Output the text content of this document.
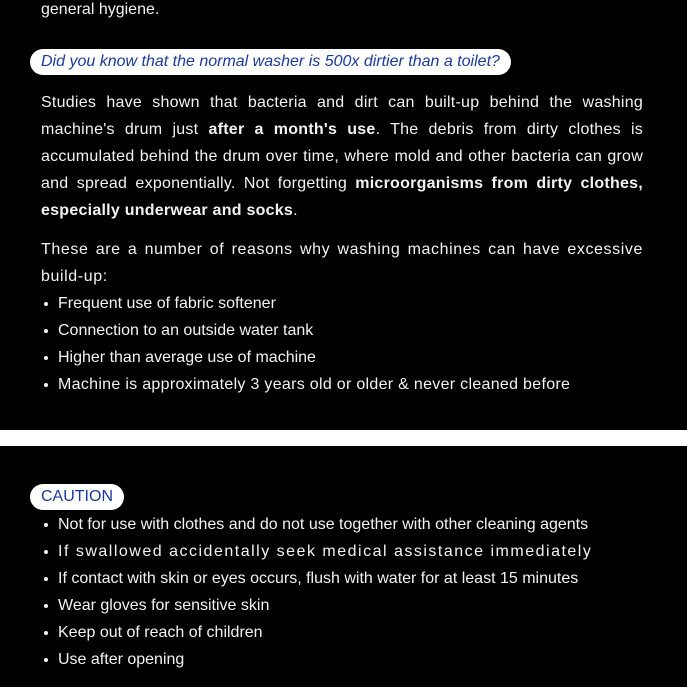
general hygiene.
Did you know that the normal washer is 500x dirtier than a toilet?
Studies have shown that bacteria and dirt can built-up behind the washing machine's drum just after a month's use. The debris from dirty clothes is accumulated behind the drum over time, where mold and other bacteria can grow and spread exponentially. Not forgetting microorganisms from dirty clothes, especially underwear and socks.
These are a number of reasons why washing machines can have excessive build-up:
Frequent use of fabric softener
Connection to an outside water tank
Higher than average use of machine
Machine is approximately 3 years old or older & never cleaned before
CAUTION
Not for use with clothes and do not use together with other cleaning agents
If swallowed accidentally seek medical assistance immediately
If contact with skin or eyes occurs, flush with water for at least 15 minutes
Wear gloves for sensitive skin
Keep out of reach of children
Use after opening
